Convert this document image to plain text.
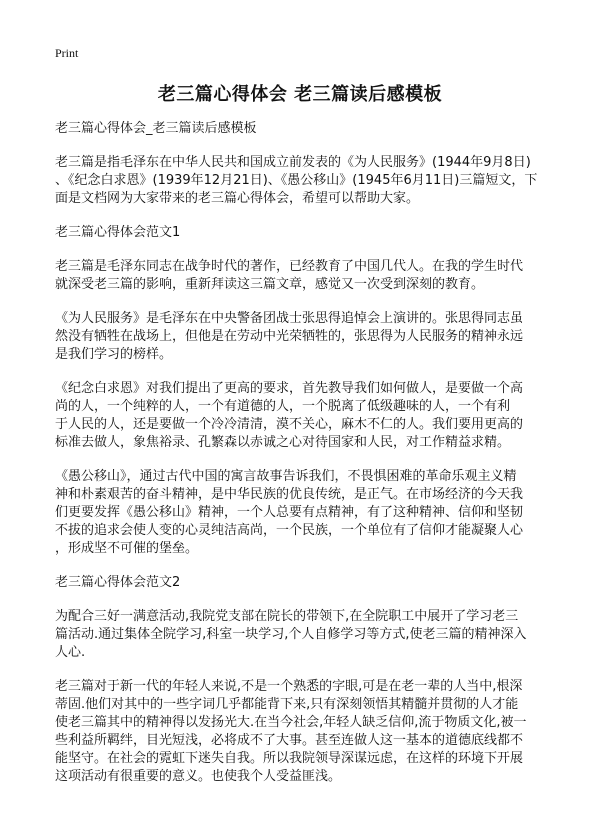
Print
老三篇心得体会 老三篇读后感模板
老三篇心得体会_老三篇读后感模板
老三篇是指毛泽东在中华人民共和国成立前发表的《为人民服务》(1944年9月8日)
、《纪念白求恩》(1939年12月21日)、《愚公移山》(1945年6月11日)三篇短文，下
面是文档网为大家带来的老三篇心得体会，希望可以帮助大家。
老三篇心得体会范文1
老三篇是毛泽东同志在战争时代的著作，已经教育了中国几代人。在我的学生时代
就深受老三篇的影响，重新拜读这三篇文章，感觉又一次受到深刻的教育。
《为人民服务》是毛泽东在中央警备团战士张思得追悼会上演讲的。张思得同志虽
然没有牺牲在战场上，但他是在劳动中光荣牺牲的，张思得为人民服务的精神永远
是我们学习的榜样。
《纪念白求恩》对我们提出了更高的要求，首先教导我们如何做人，是要做一个高
尚的人，一个纯粹的人，一个有道德的人，一个脱离了低级趣味的人，一个有利
于人民的人，还是要做一个冷冷清清，漠不关心，麻木不仁的人。我们要用更高的
标准去做人，象焦裕录、孔繁森以赤诚之心对待国家和人民，对工作精益求精。
《愚公移山》，通过古代中国的寓言故事告诉我们，不畏惧困难的革命乐观主义精
神和朴素艰苦的奋斗精神，是中华民族的优良传统，是正气。在市场经济的今天我
们更要发挥《愚公移山》精神，一个人总要有点精神，有了这种精神、信仰和坚韧
不拔的追求会使人变的心灵纯洁高尚，一个民族，一个单位有了信仰才能凝聚人心
，形成坚不可催的堡垒。
老三篇心得体会范文2
为配合三好一满意活动,我院党支部在院长的带领下,在全院职工中展开了学习老三
篇活动.通过集体全院学习,科室一块学习,个人自修学习等方式,使老三篇的精神深入
人心.
老三篇对于新一代的年轻人来说,不是一个熟悉的字眼,可是在老一辈的人当中,根深
蒂固.他们对其中的一些字词几乎都能背下来,只有深刻领悟其精髓并贯彻的人才能
使老三篇其中的精神得以发扬光大.在当今社会,年轻人缺乏信仰,流于物质文化,被一
些利益所羁绊，目光短浅，必将成不了大事。甚至连做人这一基本的道德底线都不
能坚守。在社会的霓虹下迷失自我。所以我院领导深谋远虑，在这样的环境下开展
这项活动有很重要的意义。也使我个人受益匪浅。
